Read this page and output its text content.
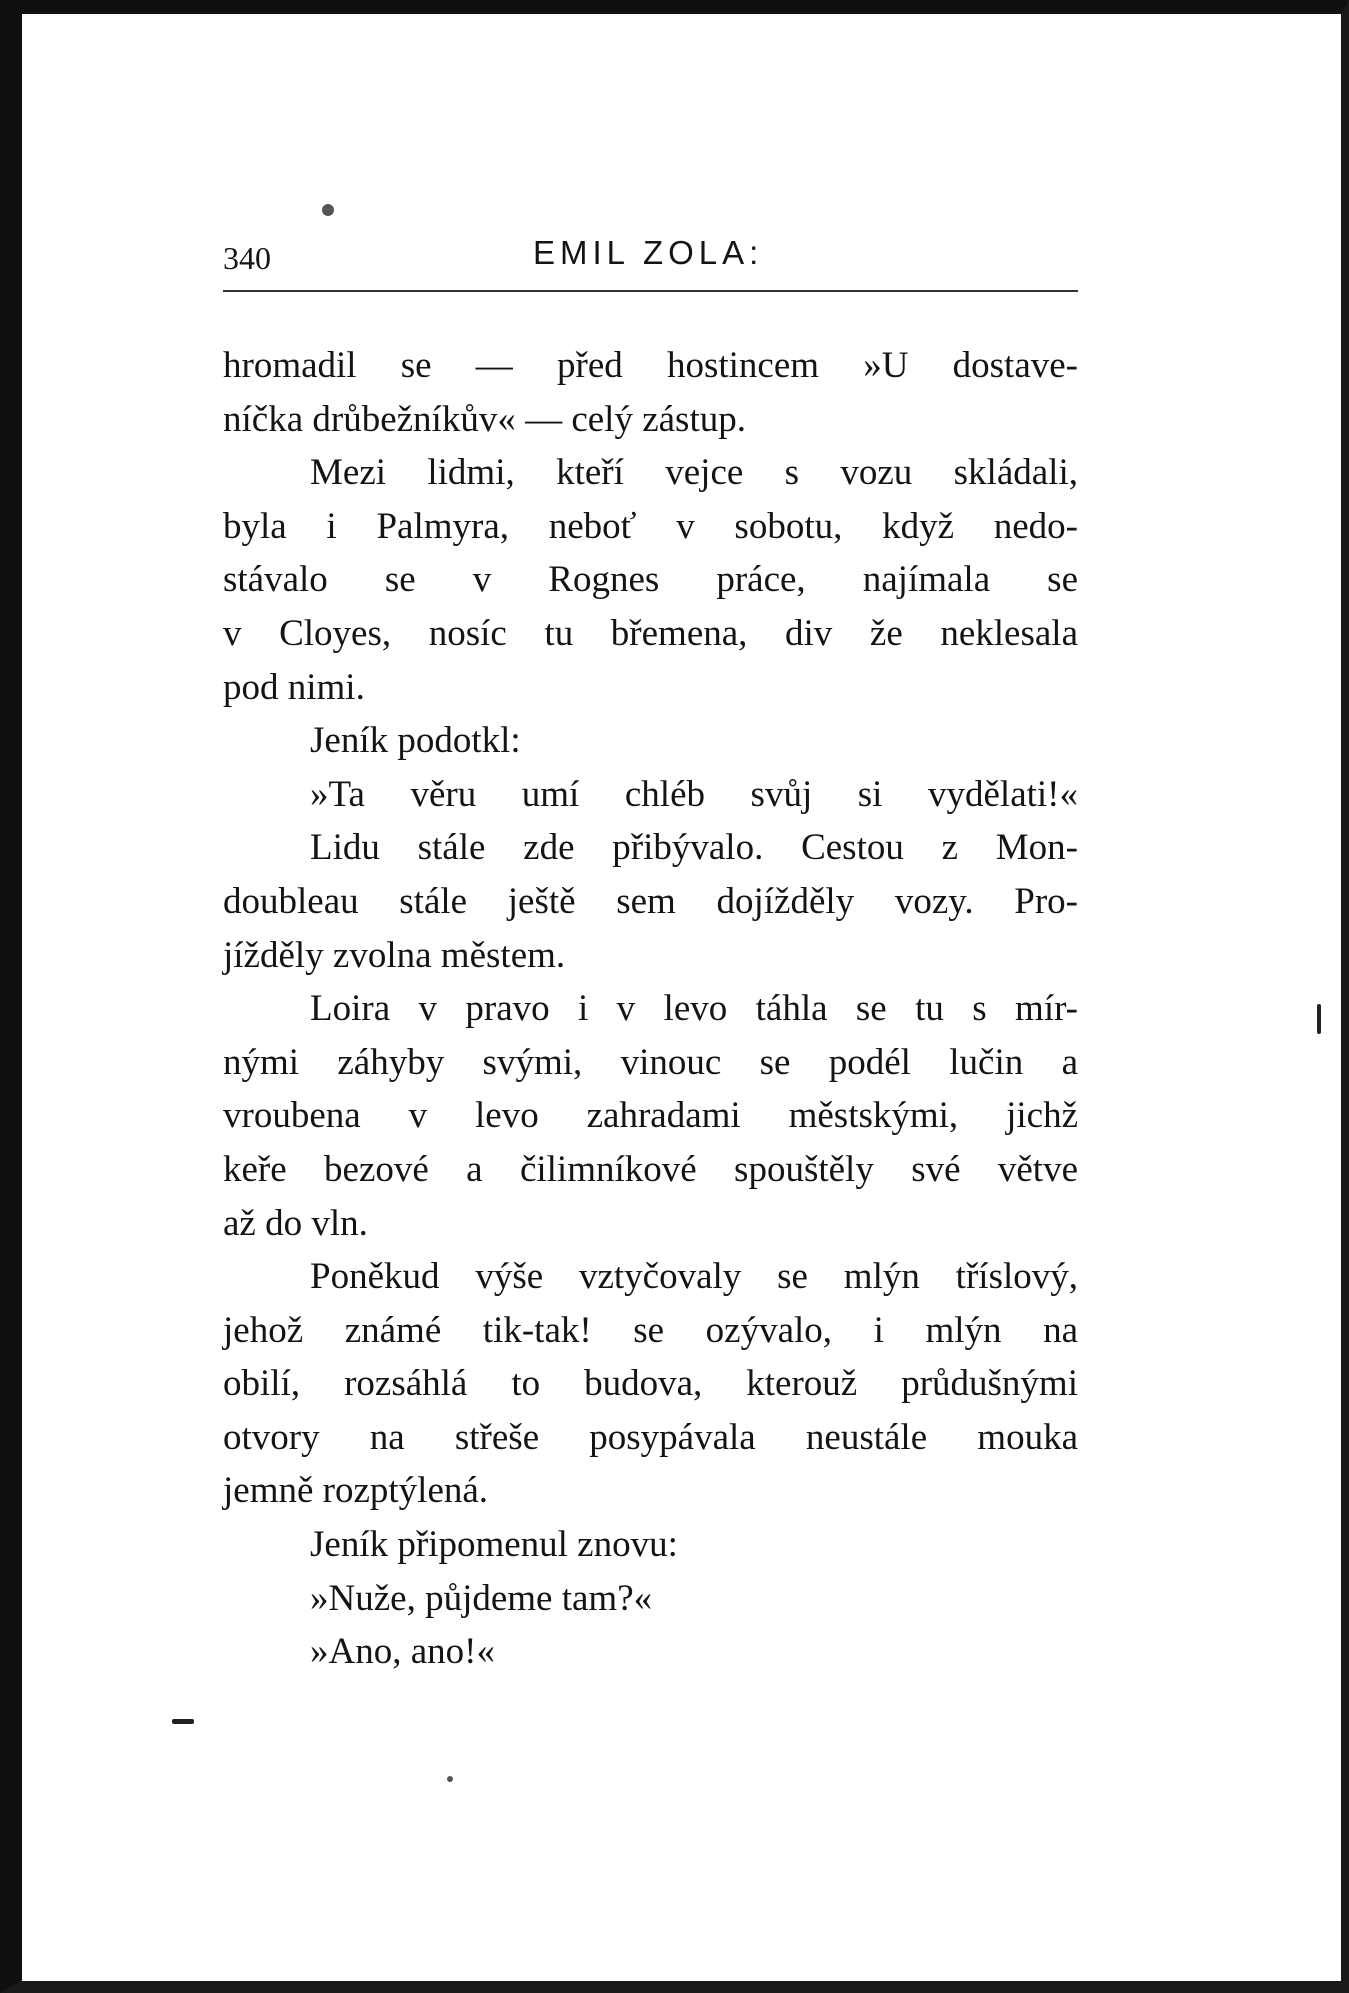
340	EMIL ZOLA:
hromadil se — před hostincem »U dostave-
níčka drůbežníkův« — celý zástup.
Mezi lidmi, kteří vejce s vozu skládali,
byla i Palmyra, neboť v sobotu, když nedo-
stávalo se v Rognes práce, najímala se
v Cloyes, nosíc tu břemena, div že neklesala
pod nimi.
Jeník podotkl:
»Ta věru umí chléb svůj si vydělati!«
Lidu stále zde přibývalo. Cestou z Mon-
doubleau stále ještě sem dojížděly vozy. Pro-
jížděly zvolna městem.
Loira v pravo i v levo táhla se tu s mír-
nými záhyby svými, vinouc se podél lučin a
vroubena v levo zahradami městskými, jichž
keře bezové a čilimníkové spouštěly své větve
až do vln.
Poněkud výše vztyčovaly se mlýn tříslový,
jehož známé tik-tak! se ozývalo, i mlýn na
obilí, rozsáhlá to budova, kterouž průdušnými
otvory na střeše posypávala neustále mouka
jemně rozptýlená.
Jeník připomenul znovu:
»Nuže, půjdeme tam?«
»Ano, ano!«
